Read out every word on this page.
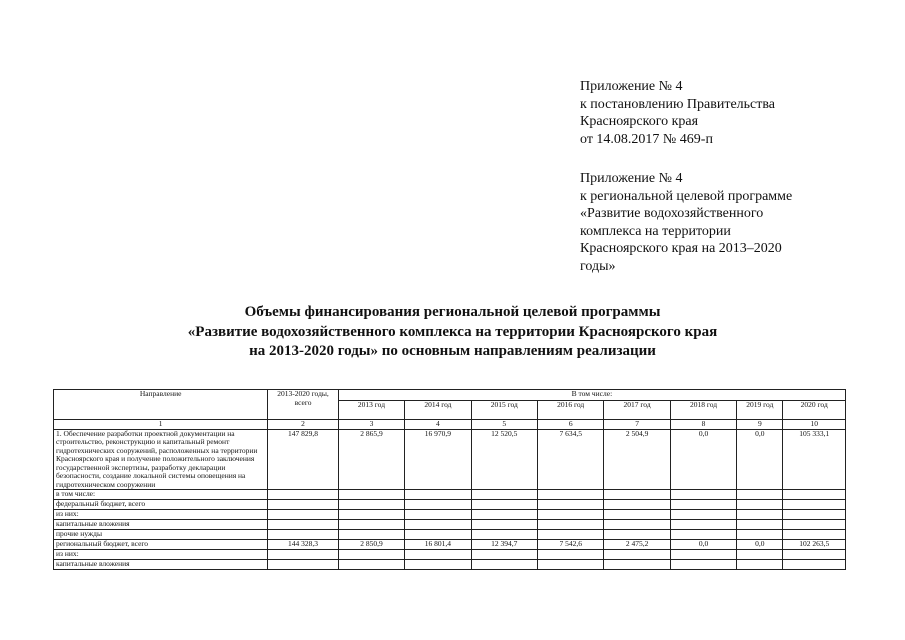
Приложение № 4
к постановлению Правительства
Красноярского края
от 14.08.2017 № 469-п
Приложение № 4
к региональной целевой программе
«Развитие водохозяйственного
комплекса на территории
Красноярского края на 2013–2020
годы»
Объемы финансирования региональной целевой программы
«Развитие водохозяйственного комплекса на территории Красноярского края
на 2013-2020 годы» по основным направлениям реализации
Направление	2013-2020 годы, всего	В том числе:							
		2013 год	2014 год	2015 год	2016 год	2017 год	2018 год	2019 год	2020 год
1	2	3	4	5	6	7	8	9	10
1. Обеспечение разработки проектной документации на строительство, реконструкцию и капитальный ремонт гидротехнических сооружений, расположенных на территории Красноярского края и получение положительного заключения государственной экспертизы, разработку декларации безопасности, создание локальной системы оповещения на гидротехническом сооружении	147 829,8	2 865,9	16 970,9	12 520,5	7 634,5	2 504,9	0,0	0,0	105 333,1
в том числе:									
федеральный бюджет, всего									
из них:									
капитальные вложения									
прочие нужды									
региональный бюджет, всего	144 328,3	2 850,9	16 801,4	12 394,7	7 542,6	2 475,2	0,0	0,0	102 263,5
из них:									
капитальные вложения									
